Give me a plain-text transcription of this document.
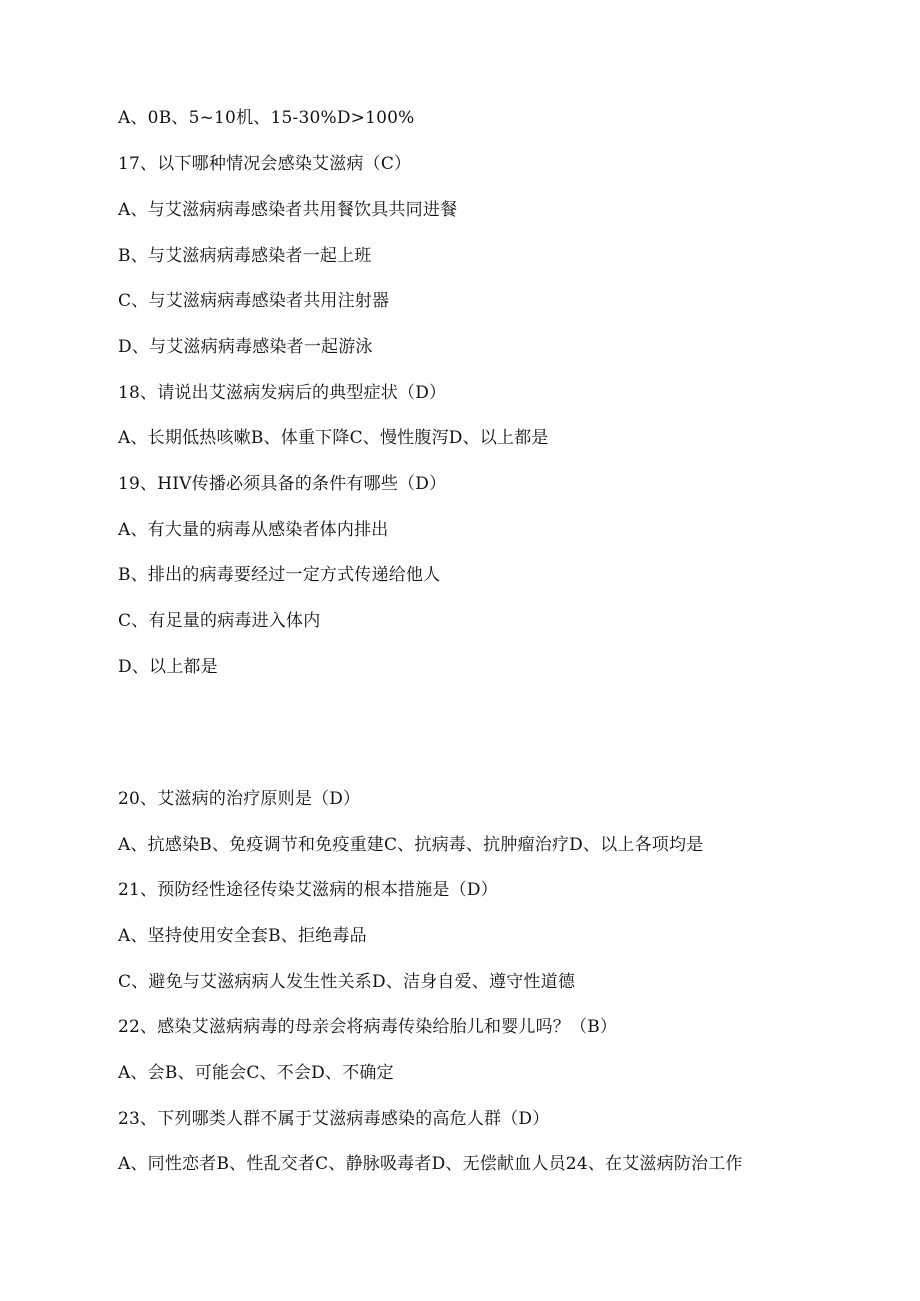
A、0B、5~10机、15-30%D>100%
17、以下哪种情况会感染艾滋病（C）
A、与艾滋病病毒感染者共用餐饮具共同进餐
B、与艾滋病病毒感染者一起上班
C、与艾滋病病毒感染者共用注射器
D、与艾滋病病毒感染者一起游泳
18、请说出艾滋病发病后的典型症状（D）
A、长期低热咳嗽B、体重下降C、慢性腹泻D、以上都是
19、HIV传播必须具备的条件有哪些（D）
A、有大量的病毒从感染者体内排出
B、排出的病毒要经过一定方式传递给他人
C、有足量的病毒进入体内
D、以上都是
20、艾滋病的治疗原则是（D）
A、抗感染B、免疫调节和免疫重建C、抗病毒、抗肿瘤治疗D、以上各项均是
21、预防经性途径传染艾滋病的根本措施是（D）
A、坚持使用安全套B、拒绝毒品
C、避免与艾滋病病人发生性关系D、洁身自爱、遵守性道德
22、感染艾滋病病毒的母亲会将病毒传染给胎儿和婴儿吗？（B）
A、会B、可能会C、不会D、不确定
23、下列哪类人群不属于艾滋病毒感染的高危人群（D）
A、同性恋者B、性乱交者C、静脉吸毒者D、无偿献血人员24、在艾滋病防治工作
